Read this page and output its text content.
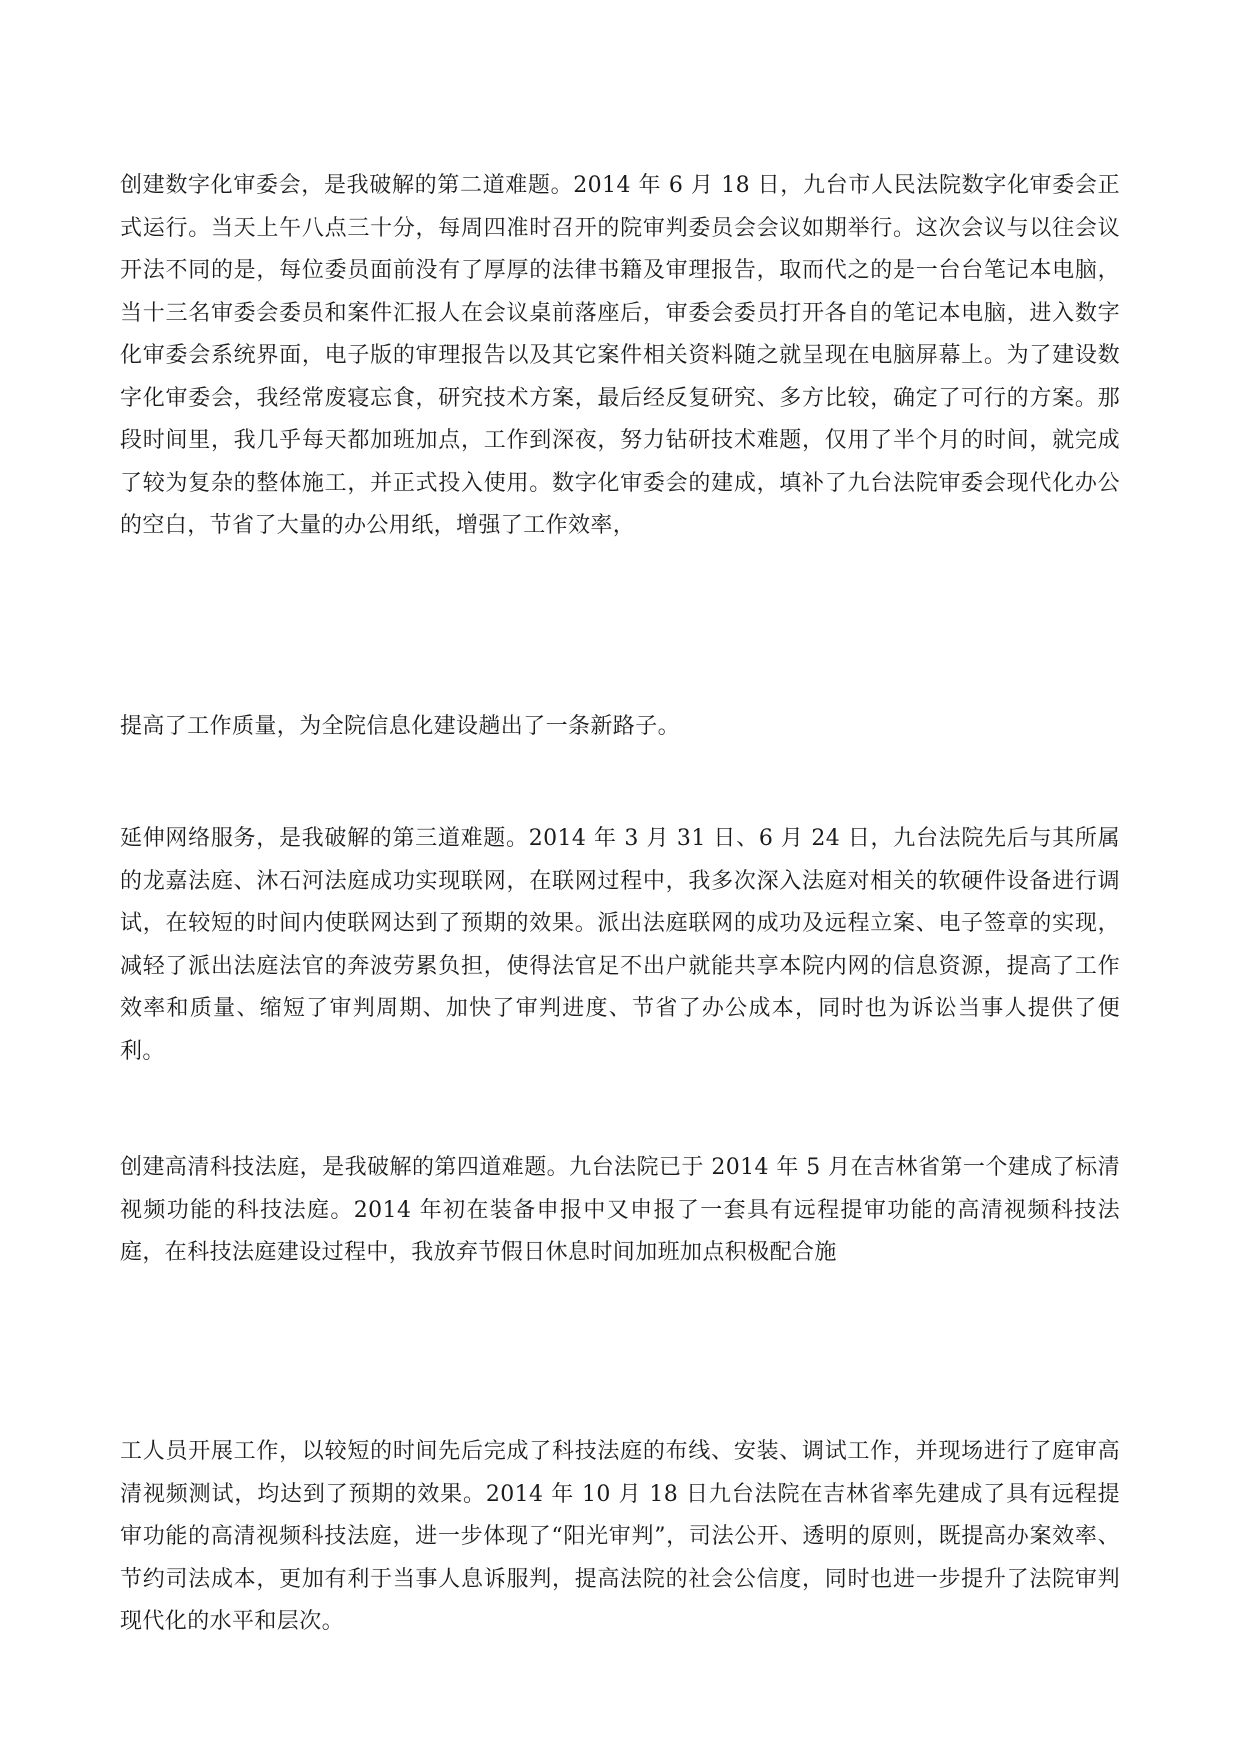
创建数字化审委会，是我破解的第二道难题。2014 年 6 月 18 日，九台市人民法院数字化审委会正式运行。当天上午八点三十分，每周四准时召开的院审判委员会会议如期举行。这次会议与以往会议开法不同的是，每位委员面前没有了厚厚的法律书籍及审理报告，取而代之的是一台台笔记本电脑，当十三名审委会委员和案件汇报人在会议桌前落座后，审委会委员打开各自的笔记本电脑，进入数字化审委会系统界面，电子版的审理报告以及其它案件相关资料随之就呈现在电脑屏幕上。为了建设数字化审委会，我经常废寝忘食，研究技术方案，最后经反复研究、多方比较，确定了可行的方案。那段时间里，我几乎每天都加班加点，工作到深夜，努力钻研技术难题，仅用了半个月的时间，就完成了较为复杂的整体施工，并正式投入使用。数字化审委会的建成，填补了九台法院审委会现代化办公的空白，节省了大量的办公用纸，增强了工作效率，

提高了工作质量，为全院信息化建设趟出了一条新路子。

延伸网络服务，是我破解的第三道难题。2014 年 3 月 31 日、6 月 24 日，九台法院先后与其所属的龙嘉法庭、沐石河法庭成功实现联网，在联网过程中，我多次深入法庭对相关的软硬件设备进行调试，在较短的时间内使联网达到了预期的效果。派出法庭联网的成功及远程立案、电子签章的实现，减轻了派出法庭法官的奔波劳累负担，使得法官足不出户就能共享本院内网的信息资源，提高了工作效率和质量、缩短了审判周期、加快了审判进度、节省了办公成本，同时也为诉讼当事人提供了便利。

创建高清科技法庭，是我破解的第四道难题。九台法院已于 2014 年 5 月在吉林省第一个建成了标清视频功能的科技法庭。2014 年初在装备申报中又申报了一套具有远程提审功能的高清视频科技法庭，在科技法庭建设过程中，我放弃节假日休息时间加班加点积极配合施

工人员开展工作，以较短的时间先后完成了科技法庭的布线、安装、调试工作，并现场进行了庭审高清视频测试，均达到了预期的效果。2014 年 10 月 18 日九台法院在吉林省率先建成了具有远程提审功能的高清视频科技法庭，进一步体现了“阳光审判”，司法公开、透明的原则，既提高办案效率、节约司法成本，更加有利于当事人息诉服判，提高法院的社会公信度，同时也进一步提升了法院审判现代化的水平和层次。
